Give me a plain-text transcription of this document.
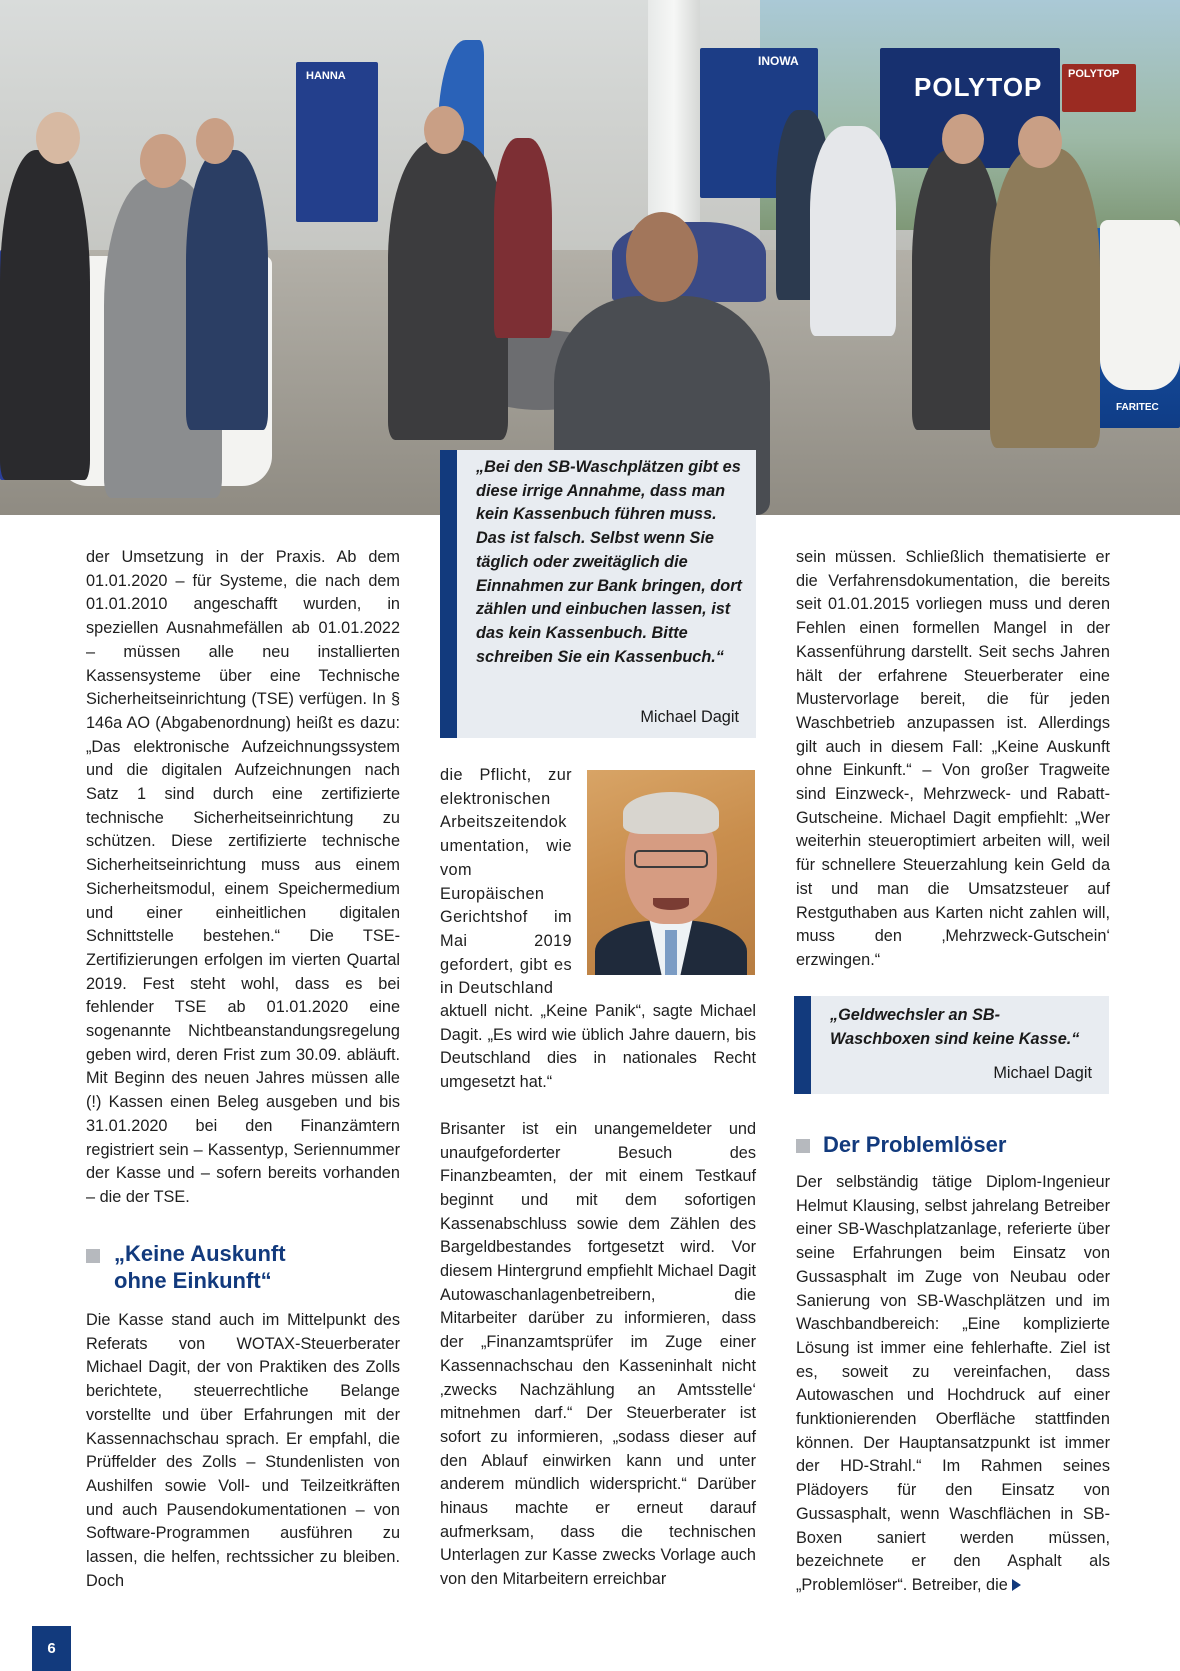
HANNA
INOWA
POLYTOP POLYTOP
FARITEC

der Umsetzung in der Praxis. Ab dem 01.01.2020 – für Systeme, die nach dem 01.01.2010 angeschafft wurden, in speziellen Ausnahmefällen ab 01.01.2022 – müssen alle neu installierten Kassensysteme über eine Technische Sicherheitseinrichtung (TSE) verfügen. In § 146a AO (Abgabenordnung) heißt es dazu: „Das elektronische Aufzeichnungssystem und die digitalen Aufzeichnungen nach Satz 1 sind durch eine zertifizierte technische Sicherheitseinrichtung zu schützen. Diese zertifizierte technische Sicherheitseinrichtung muss aus einem Sicherheitsmodul, einem Speichermedium und einer einheitlichen digitalen Schnittstelle bestehen.“ Die TSE-Zertifizierungen erfolgen im vierten Quartal 2019. Fest steht wohl, dass es bei fehlender TSE ab 01.01.2020 eine sogenannte Nichtbeanstandungsregelung geben wird, deren Frist zum 30.09. abläuft. Mit Beginn des neuen Jahres müssen alle (!) Kassen einen Beleg ausgeben und bis 31.01.2020 bei den Finanzämtern registriert sein – Kassentyp, Seriennummer der Kasse und – sofern bereits vorhanden – die der TSE.

„Keine Auskunft
ohne Einkunft“

Die Kasse stand auch im Mittelpunkt des Referats von WOTAX-Steuerberater Michael Dagit, der von Praktiken des Zolls berichtete, steuerrechtliche Belange vorstellte und über Erfahrungen mit der Kassennachschau sprach. Er empfahl, die Prüffelder des Zolls – Stundenlisten von Aushilfen sowie Voll- und Teilzeitkräften und auch Pausendokumentationen – von Software-Programmen ausführen zu lassen, die helfen, rechtssicher zu bleiben. Doch

„Bei den SB-Waschplätzen gibt es diese irrige Annahme, dass man kein Kassenbuch führen muss. Das ist falsch. Selbst wenn Sie täglich oder zweitäglich die Einnahmen zur Bank bringen, dort zählen und einbuchen lassen, ist das kein Kassenbuch. Bitte schreiben Sie ein Kassenbuch.“
Michael Dagit

die Pflicht, zur elektronischen Arbeitszeitendokumentation, wie vom Europäischen Gerichtshof im Mai 2019 gefordert, gibt es in Deutschland

aktuell nicht. „Keine Panik“, sagte Michael Dagit. „Es wird wie üblich Jahre dauern, bis Deutschland dies in nationales Recht umgesetzt hat.“

Brisanter ist ein unangemeldeter und unaufgeforderter Besuch des Finanzbeamten, der mit einem Testkauf beginnt und mit dem sofortigen Kassenabschluss sowie dem Zählen des Bargeldbestandes fortgesetzt wird. Vor diesem Hintergrund empfiehlt Michael Dagit Autowaschanlagenbetreibern, die Mitarbeiter darüber zu informieren, dass der „Finanzamtsprüfer im Zuge einer Kassennachschau den Kasseninhalt nicht ‚zwecks Nachzählung an Amtsstelle‘ mitnehmen darf.“ Der Steuerberater ist sofort zu informieren, „sodass dieser auf den Ablauf einwirken kann und unter anderem mündlich widerspricht.“ Darüber hinaus machte er erneut darauf aufmerksam, dass die technischen Unterlagen zur Kasse zwecks Vorlage auch von den Mitarbeitern erreichbar

sein müssen. Schließlich thematisierte er die Verfahrensdokumentation, die bereits seit 01.01.2015 vorliegen muss und deren Fehlen einen formellen Mangel in der Kassenführung darstellt. Seit sechs Jahren hält der erfahrene Steuerberater eine Mustervorlage bereit, die für jeden Waschbetrieb anzupassen ist. Allerdings gilt auch in diesem Fall: „Keine Auskunft ohne Einkunft.“ – Von großer Tragweite sind Einzweck-, Mehrzweck- und Rabatt-Gutscheine. Michael Dagit empfiehlt: „Wer weiterhin steueroptimiert arbeiten will, weil für schnellere Steuerzahlung kein Geld da ist und man die Umsatzsteuer auf Restguthaben aus Karten nicht zahlen will, muss den ‚Mehrzweck-Gutschein‘ erzwingen.“

„Geldwechsler an SB-Waschboxen sind keine Kasse.“
Michael Dagit
Der Problemlöser

Der selbständig tätige Diplom-Ingenieur Helmut Klausing, selbst jahrelang Betreiber einer SB-Waschplatzanlage, referierte über seine Erfahrungen beim Einsatz von Gussasphalt im Zuge von Neubau oder Sanierung von SB-Waschplätzen und im Waschbandbereich: „Eine komplizierte Lösung ist immer eine fehlerhafte. Ziel ist es, soweit zu vereinfachen, dass Autowaschen und Hochdruck auf einer funktionierenden Oberfläche stattfinden können. Der Hauptansatzpunkt ist immer der HD-Strahl.“ Im Rahmen seines Plädoyers für den Einsatz von Gussasphalt, wenn Waschflächen in SB-Boxen saniert werden müssen, bezeichnete er den Asphalt als „Problemlöser“. Betreiber, die

6
